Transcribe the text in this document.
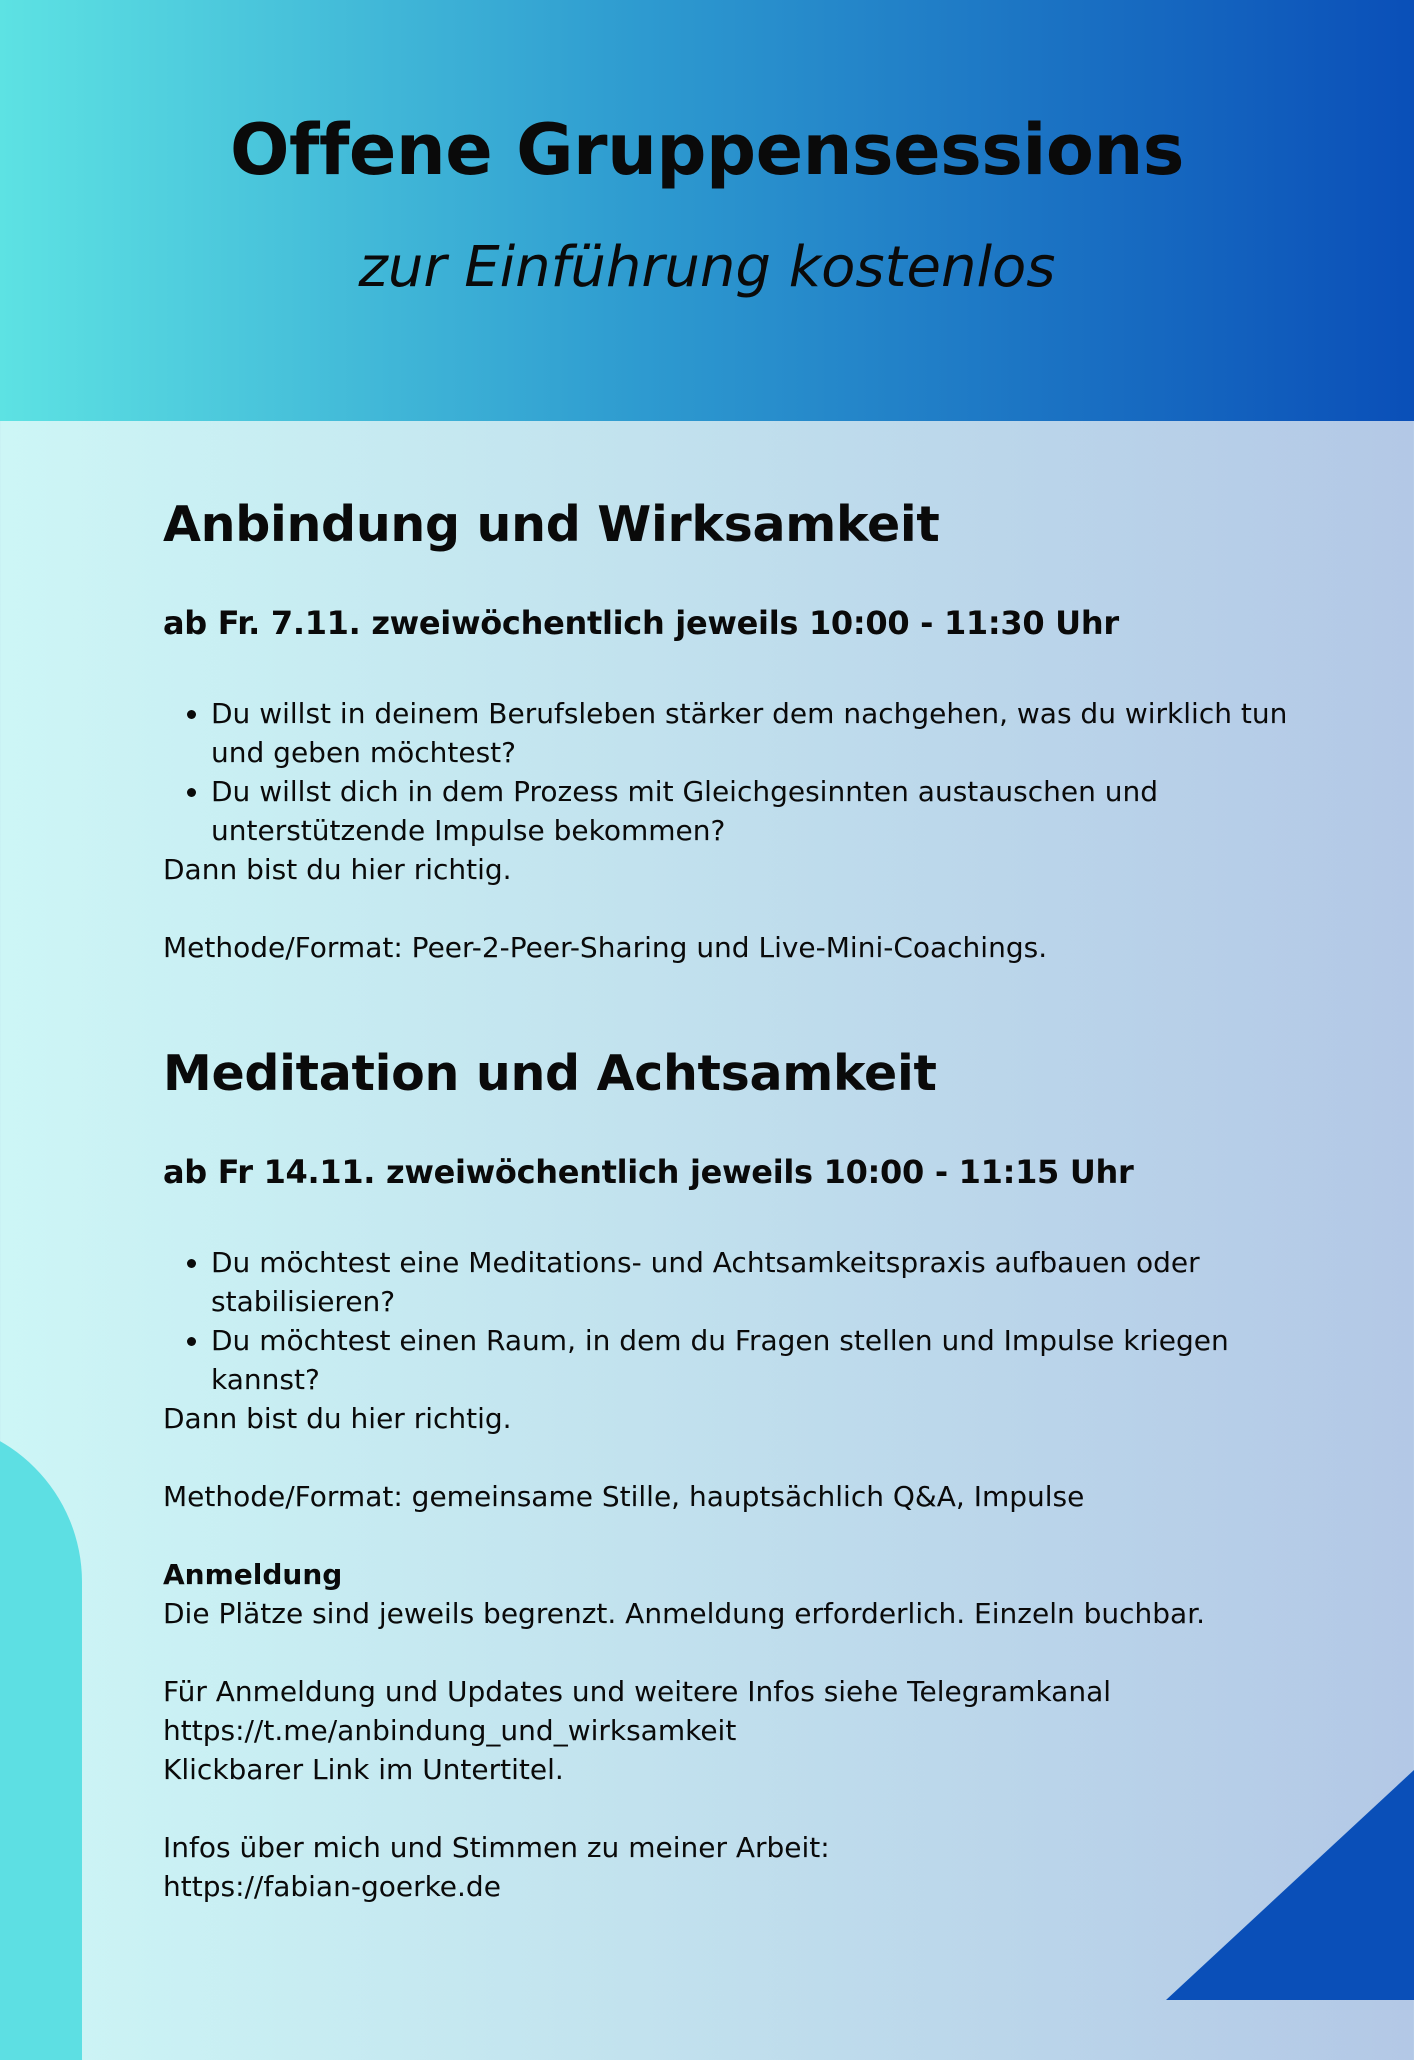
Offene Gruppensessions
zur Einführung kostenlos
Anbindung und Wirksamkeit
ab Fr. 7.11. zweiwöchentlich jeweils 10:00 - 11:30 Uhr
• Du willst in deinem Berufsleben stärker dem nachgehen, was du wirklich tun und geben möchtest?
• Du willst dich in dem Prozess mit Gleichgesinnten austauschen und unterstützende Impulse bekommen?

Dann bist du hier richtig.

Methode/Format: Peer-2-Peer-Sharing und Live-Mini-Coachings.

Meditation und Achtsamkeit
ab Fr 14.11. zweiwöchentlich jeweils 10:00 - 11:15 Uhr
• Du möchtest eine Meditations- und Achtsamkeitspraxis aufbauen oder stabilisieren?
• Du möchtest einen Raum, in dem du Fragen stellen und Impulse kriegen kannst?

Dann bist du hier richtig.

Methode/Format: gemeinsame Stille, hauptsächlich Q&A, Impulse

Anmeldung

Die Plätze sind jeweils begrenzt. Anmeldung erforderlich. Einzeln buchbar.

Für Anmeldung und Updates und weitere Infos siehe Telegramkanal

https://t.me/anbindung_und_wirksamkeit

Klickbarer Link im Untertitel.

Infos über mich und Stimmen zu meiner Arbeit:

https://fabian-goerke.de
